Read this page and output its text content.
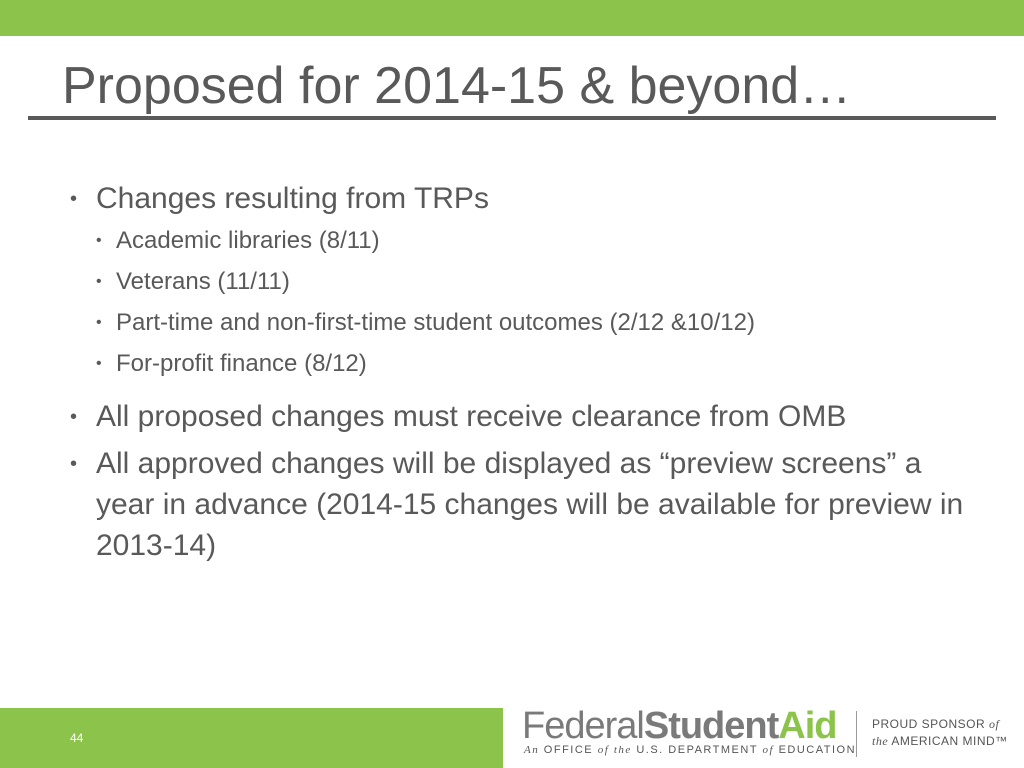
Proposed for 2014-15 & beyond…

• Changes resulting from TRPs

• Academic libraries (8/11)

• Veterans (11/11)

• Part-time and non-first-time student outcomes (2/12 &10/12)

• For-profit finance (8/12)

• All proposed changes must receive clearance from OMB

• All approved changes will be displayed as “preview screens” a year in advance (2014-15 changes will be available for preview in 2013-14)

44	FederalStudentAid
An OFFICE of the U.S. DEPARTMENT of EDUCATION
PROUD SPONSOR of
the AMERICAN MIND™
